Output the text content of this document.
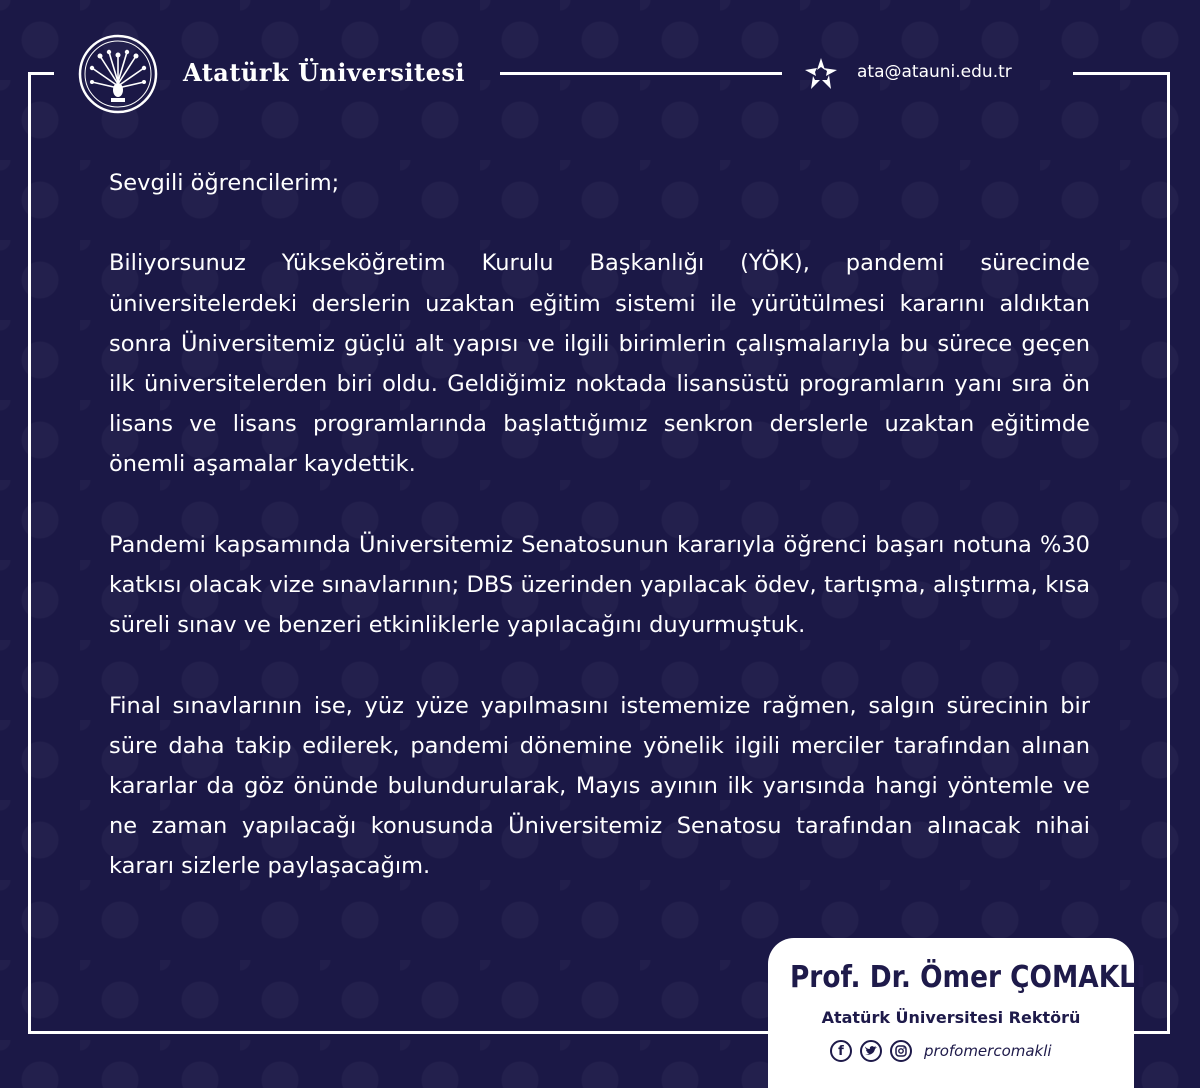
Atatürk Üniversitesi	ata@atauni.edu.tr

Sevgili öğrencilerim;

Biliyorsunuz Yükseköğretim Kurulu Başkanlığı (YÖK), pandemi sürecinde üniversitelerdeki derslerin uzaktan eğitim sistemi ile yürütülmesi kararını aldıktan sonra Üniversitemiz güçlü alt yapısı ve ilgili birimlerin çalışmalarıyla bu sürece geçen ilk üniversitelerden biri oldu. Geldiğimiz noktada lisansüstü programların yanı sıra ön lisans ve lisans programlarında başlattığımız senkron derslerle uzaktan eğitimde önemli aşamalar kaydettik.

Pandemi kapsamında Üniversitemiz Senatosunun kararıyla öğrenci başarı notuna %30 katkısı olacak vize sınavlarının; DBS üzerinden yapılacak ödev, tartışma, alıştırma, kısa süreli sınav ve benzeri etkinliklerle yapılacağını duyurmuştuk.

Final sınavlarının ise, yüz yüze yapılmasını istememize rağmen, salgın sürecinin bir süre daha takip edilerek, pandemi dönemine yönelik ilgili merciler tarafından alınan kararlar da göz önünde bulundurularak, Mayıs ayının ilk yarısında hangi yöntemle ve ne zaman yapılacağı konusunda Üniversitemiz Senatosu tarafından alınacak nihai kararı sizlerle paylaşacağım.

Prof. Dr. Ömer ÇOMAKLI
Atatürk Üniversitesi Rektörü
f	profomercomakli
